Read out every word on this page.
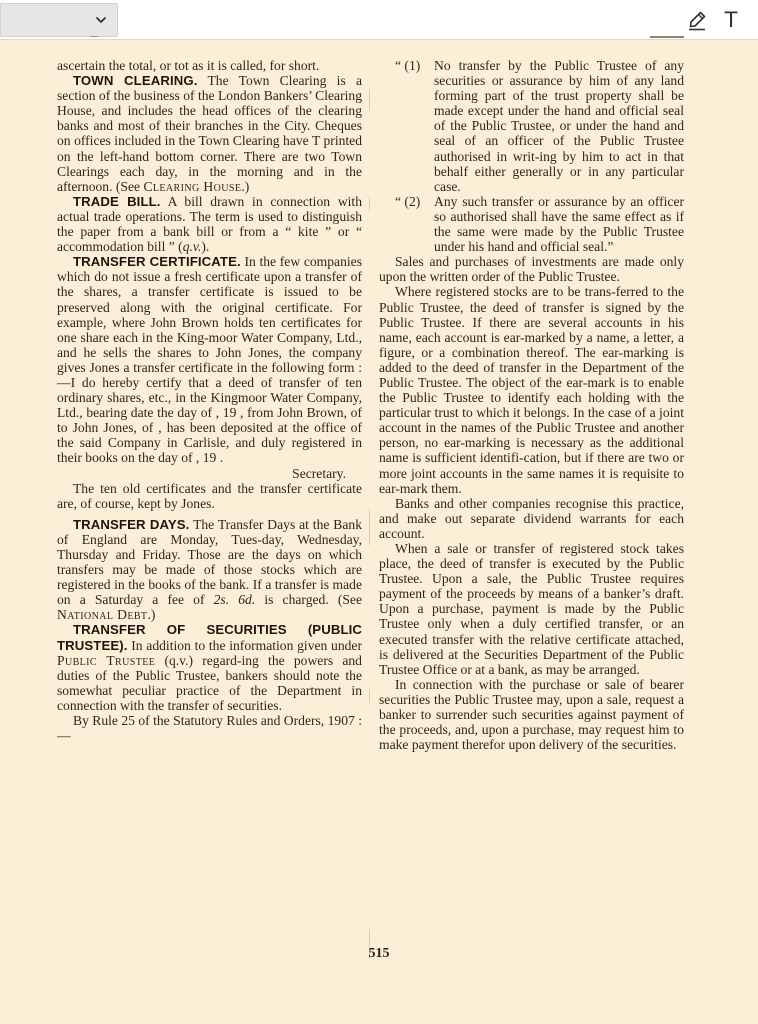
T

ascertain the total, or tot as it is called, for short.

TOWN CLEARING. The Town Clearing is a section of the business of the London Bankers’ Clearing House, and includes the head offices of the clearing banks and most of their branches in the City. Cheques on offices included in the Town Clearing have T printed on the left-hand bottom corner. There are two Town Clearings each day, in the morning and in the afternoon. (See Clearing House.)

TRADE BILL. A bill drawn in connection with actual trade operations. The term is used to distinguish the paper from a bank bill or from a “ kite ” or “ accommodation bill ” (q.v.).

TRANSFER CERTIFICATE. In the few companies which do not issue a fresh certificate upon a transfer of the shares, a transfer certificate is issued to be preserved along with the original certificate. For example, where John Brown holds ten certificates for one share each in the King-moor Water Company, Ltd., and he sells the shares to John Jones, the company gives Jones a transfer certificate in the following form :—I do hereby certify that a deed of transfer of ten ordinary shares, etc., in the Kingmoor Water Company, Ltd., bearing date the day of , 19 , from John Brown, of to John Jones, of , has been deposited at the office of the said Company in Carlisle, and duly registered in their books on the day of , 19 .

Secretary.

The ten old certificates and the transfer certificate are, of course, kept by Jones.

TRANSFER DAYS. The Transfer Days at the Bank of England are Monday, Tues-day, Wednesday, Thursday and Friday. Those are the days on which transfers may be made of those stocks which are registered in the books of the bank. If a transfer is made on a Saturday a fee of 2s. 6d. is charged. (See National Debt.)

TRANSFER OF SECURITIES (PUBLIC TRUSTEE). In addition to the information given under Public Trustee (q.v.) regard-ing the powers and duties of the Public Trustee, bankers should note the somewhat peculiar practice of the Department in connection with the transfer of securities.

By Rule 25 of the Statutory Rules and Orders, 1907 :—

“ (1) No transfer by the Public Trustee of any securities or assurance by him of any land forming part of the trust property shall be made except under the hand and official seal of the Public Trustee, or under the hand and seal of an officer of the Public Trustee authorised in writ-ing by him to act in that behalf either generally or in any particular case.

“ (2) Any such transfer or assurance by an officer so authorised shall have the same effect as if the same were made by the Public Trustee under his hand and official seal.”

Sales and purchases of investments are made only upon the written order of the Public Trustee.

Where registered stocks are to be trans-ferred to the Public Trustee, the deed of transfer is signed by the Public Trustee. If there are several accounts in his name, each account is ear-marked by a name, a letter, a figure, or a combination thereof. The ear-marking is added to the deed of transfer in the Department of the Public Trustee. The object of the ear-mark is to enable the Public Trustee to identify each holding with the particular trust to which it belongs. In the case of a joint account in the names of the Public Trustee and another person, no ear-marking is necessary as the additional name is sufficient identifi-cation, but if there are two or more joint accounts in the same names it is requisite to ear-mark them.

Banks and other companies recognise this practice, and make out separate dividend warrants for each account.

When a sale or transfer of registered stock takes place, the deed of transfer is executed by the Public Trustee. Upon a sale, the Public Trustee requires payment of the proceeds by means of a banker’s draft. Upon a purchase, payment is made by the Public Trustee only when a duly certified transfer, or an executed transfer with the relative certificate attached, is delivered at the Securities Department of the Public Trustee Office or at a bank, as may be arranged.

In connection with the purchase or sale of bearer securities the Public Trustee may, upon a sale, request a banker to surrender such securities against payment of the proceeds, and, upon a purchase, may request him to make payment therefor upon delivery of the securities.

515
